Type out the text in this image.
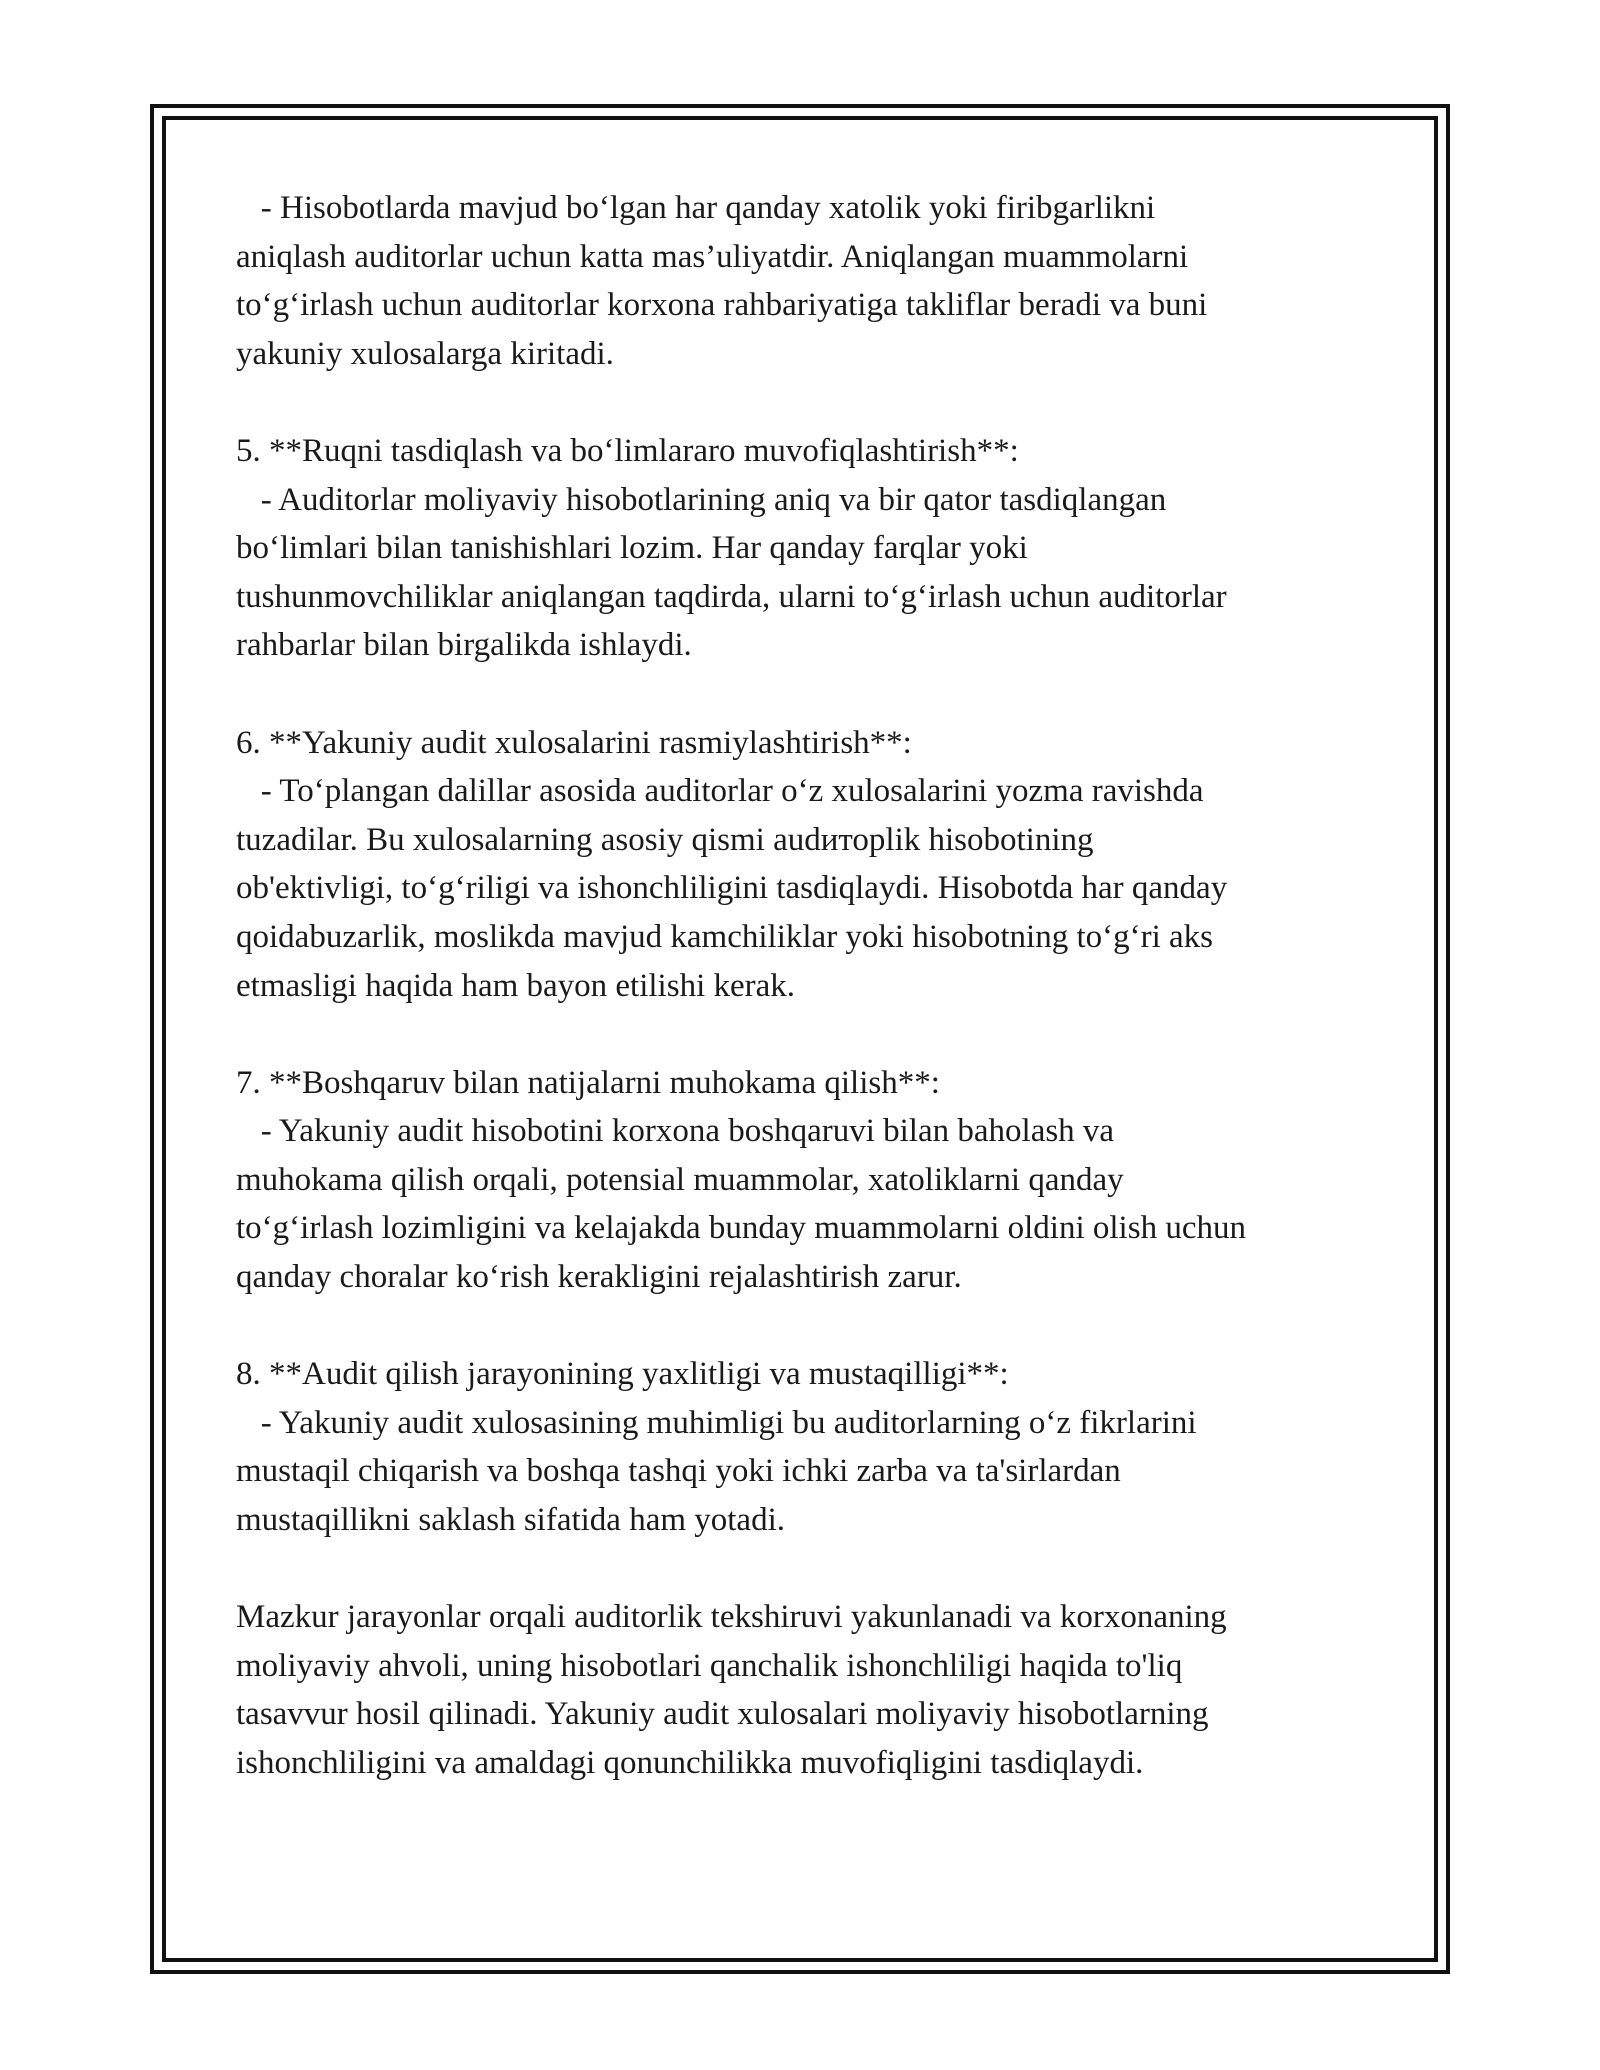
- Hisobotlarda mavjud bo‘lgan har qanday xatolik yoki firibgarlikni
aniqlash auditorlar uchun katta mas’uliyatdir. Aniqlangan muammolarni
to‘g‘irlash uchun auditorlar korxona rahbariyatiga takliflar beradi va buni
yakuniy xulosalarga kiritadi.
5. **Ruqni tasdiqlash va bo‘limlararo muvofiqlashtirish**:
- Auditorlar moliyaviy hisobotlarining aniq va bir qator tasdiqlangan
bo‘limlari bilan tanishishlari lozim. Har qanday farqlar yoki
tushunmovchiliklar aniqlangan taqdirda, ularni to‘g‘irlash uchun auditorlar
rahbarlar bilan birgalikda ishlaydi.
6. **Yakuniy audit xulosalarini rasmiylashtirish**:
- To‘plangan dalillar asosida auditorlar o‘z xulosalarini yozma ravishda
tuzadilar. Bu xulosalarning asosiy qismi audиторlik hisobotining
ob'ektivligi, to‘g‘riligi va ishonchliligini tasdiqlaydi. Hisobotda har qanday
qoidabuzarlik, moslikda mavjud kamchiliklar yoki hisobotning to‘g‘ri aks
etmasligi haqida ham bayon etilishi kerak.
7. **Boshqaruv bilan natijalarni muhokama qilish**:
- Yakuniy audit hisobotini korxona boshqaruvi bilan baholash va
muhokama qilish orqali, potensial muammolar, xatoliklarni qanday
to‘g‘irlash lozimligini va kelajakda bunday muammolarni oldini olish uchun
qanday choralar ko‘rish kerakligini rejalashtirish zarur.
8. **Audit qilish jarayonining yaxlitligi va mustaqilligi**:
- Yakuniy audit xulosasining muhimligi bu auditorlarning o‘z fikrlarini
mustaqil chiqarish va boshqa tashqi yoki ichki zarba va ta'sirlardan
mustaqillikni saklash sifatida ham yotadi.
Mazkur jarayonlar orqali auditorlik tekshiruvi yakunlanadi va korxonaning
moliyaviy ahvoli, uning hisobotlari qanchalik ishonchliligi haqida to'liq
tasavvur hosil qilinadi. Yakuniy audit xulosalari moliyaviy hisobotlarning
ishonchliligini va amaldagi qonunchilikka muvofiqligini tasdiqlaydi.
